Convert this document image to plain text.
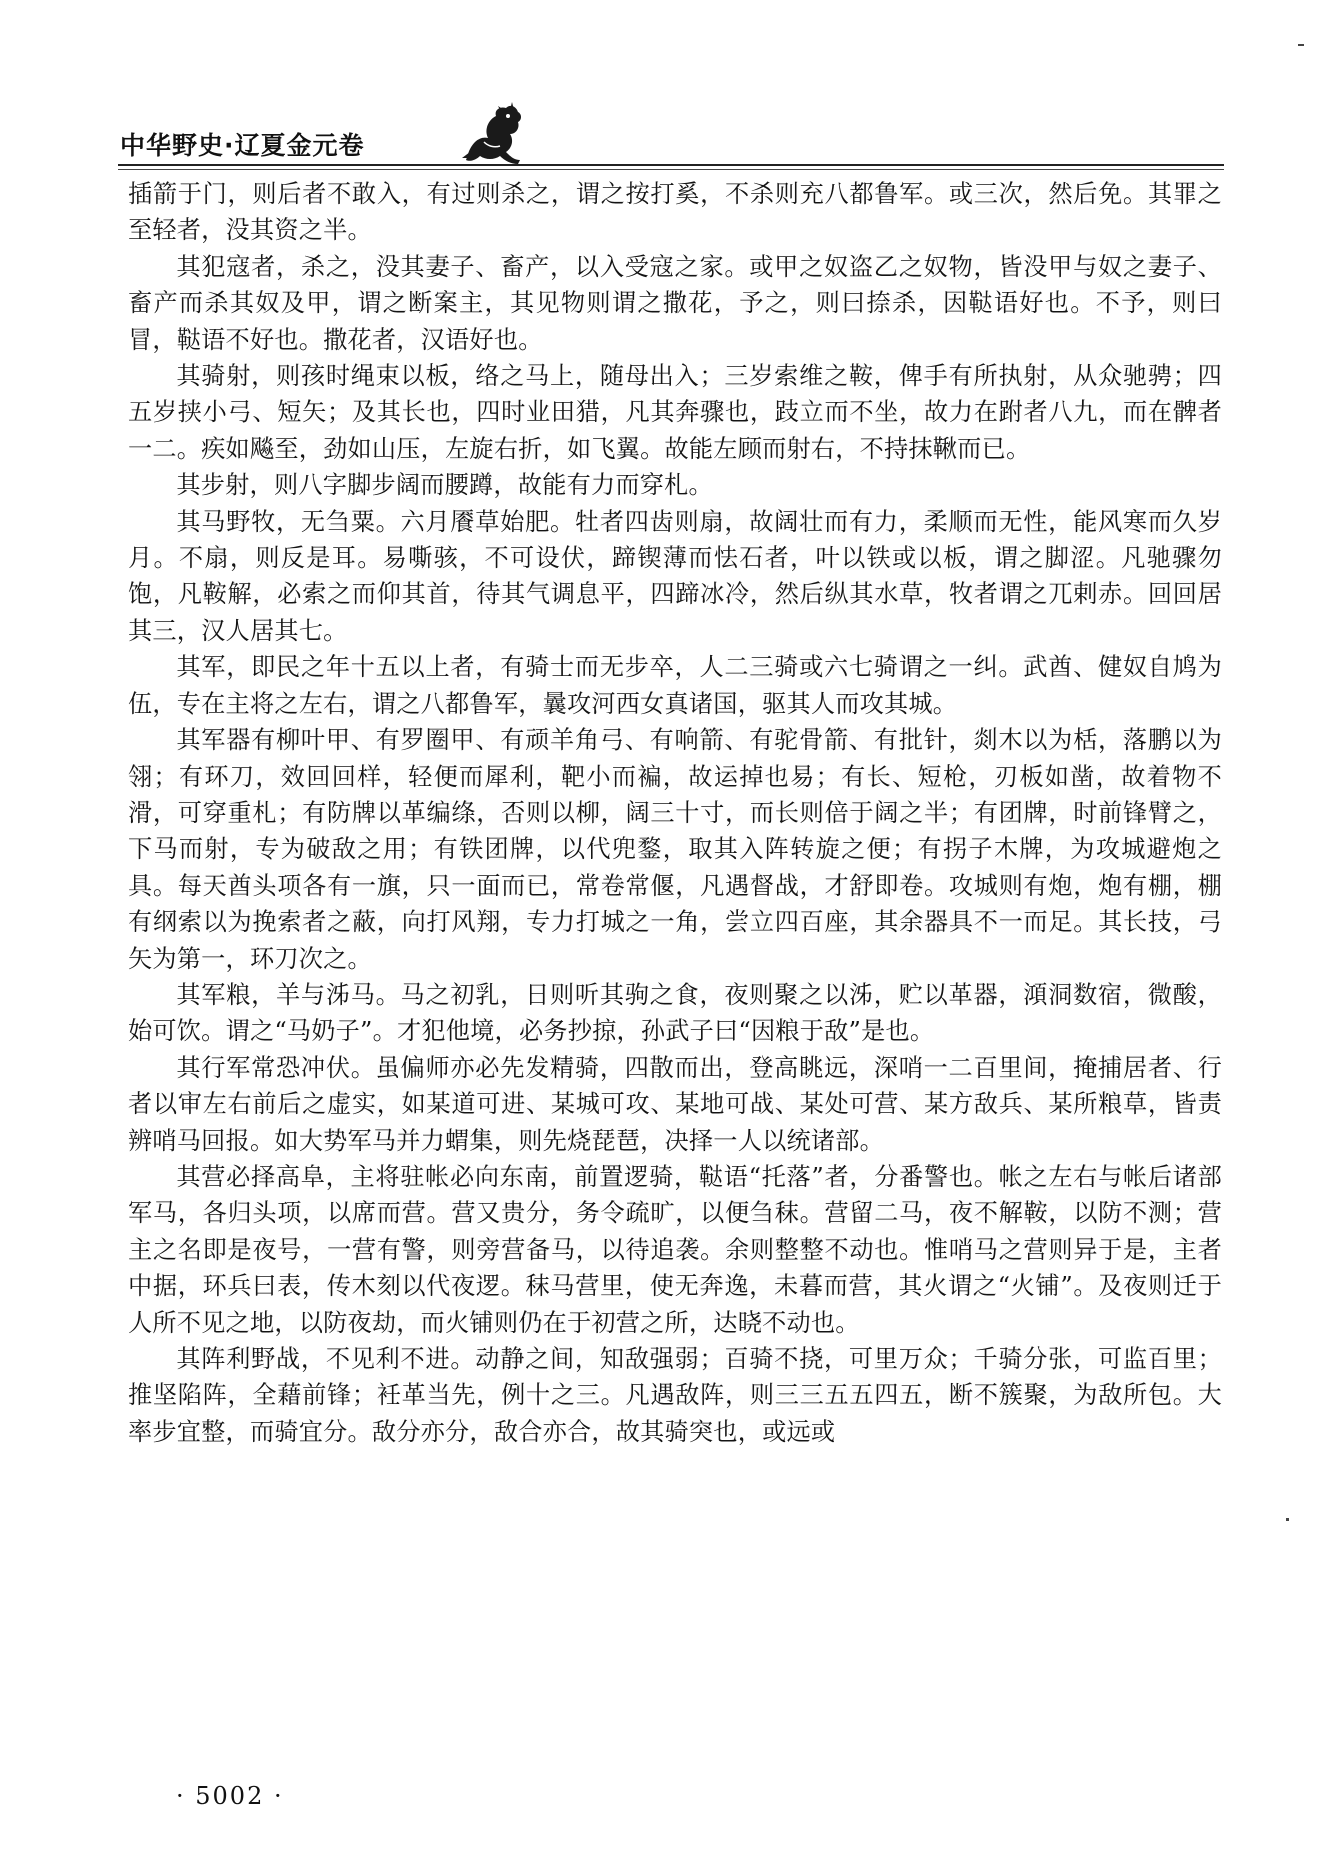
中华野史·辽夏金元卷

插箭于门，则后者不敢入，有过则杀之，谓之按打奚，不杀则充八都鲁军。或三次，然后免。其罪之至轻者，没其资之半。

其犯寇者，杀之，没其妻子、畜产，以入受寇之家。或甲之奴盗乙之奴物，皆没甲与奴之妻子、畜产而杀其奴及甲，谓之断案主，其见物则谓之撒花，予之，则曰捺杀，因鞑语好也。不予，则曰冒，鞑语不好也。撒花者，汉语好也。

其骑射，则孩时绳束以板，络之马上，随母出入；三岁索维之鞍，俾手有所执射，从众驰骋；四五岁挟小弓、短矢；及其长也，四时业田猎，凡其奔骤也，跂立而不坐，故力在跗者八九，而在髀者一二。疾如飚至，劲如山压，左旋右折，如飞翼。故能左顾而射右，不持抹鞦而已。

其步射，则八字脚步阔而腰蹲，故能有力而穿札。

其马野牧，无刍粟。六月餍草始肥。牡者四齿则扇，故阔壮而有力，柔顺而无性，能风寒而久岁月。不扇，则反是耳。易嘶骇，不可设伏，蹄锲薄而怯石者，叶以铁或以板，谓之脚涩。凡驰骤勿饱，凡鞍解，必索之而仰其首，待其气调息平，四蹄冰冷，然后纵其水草，牧者谓之兀剌赤。回回居其三，汉人居其七。

其军，即民之年十五以上者，有骑士而无步卒，人二三骑或六七骑谓之一纠。武酋、健奴自鸠为伍，专在主将之左右，谓之八都鲁军，曩攻河西女真诸国，驱其人而攻其城。

其军器有柳叶甲、有罗圈甲、有顽羊角弓、有响箭、有驼骨箭、有批针，剡木以为栝，落鹏以为翎；有环刀，效回回样，轻便而犀利，靶小而褊，故运掉也易；有长、短枪，刃板如凿，故着物不滑，可穿重札；有防牌以革编绦，否则以柳，阔三十寸，而长则倍于阔之半；有团牌，时前锋臂之，下马而射，专为破敌之用；有铁团牌，以代兜鍪，取其入阵转旋之便；有拐子木牌，为攻城避炮之具。每天酋头项各有一旗，只一面而已，常卷常偃，凡遇督战，才舒即卷。攻城则有炮，炮有棚，棚有纲索以为挽索者之蔽，向打风翔，专力打城之一角，尝立四百座，其余器具不一而足。其长技，弓矢为第一，环刀次之。

其军粮，羊与泲马。马之初乳，日则听其驹之食，夜则聚之以泲，贮以革器，澒洞数宿，微酸，始可饮。谓之“马奶子”。才犯他境，必务抄掠，孙武子曰“因粮于敌”是也。

其行军常恐冲伏。虽偏师亦必先发精骑，四散而出，登高眺远，深哨一二百里间，掩捕居者、行者以审左右前后之虚实，如某道可进、某城可攻、某地可战、某处可营、某方敌兵、某所粮草，皆责辨哨马回报。如大势军马并力蝟集，则先烧琵琶，决择一人以统诸部。

其营必择高阜，主将驻帐必向东南，前置逻骑，鞑语“托落”者，分番警也。帐之左右与帐后诸部军马，各归头项，以席而营。营又贵分，务令疏旷，以便刍秣。营留二马，夜不解鞍，以防不测；营主之名即是夜号，一营有警，则旁营备马，以待追袭。余则整整不动也。惟哨马之营则异于是，主者中据，环兵曰表，传木刻以代夜逻。秣马营里，使无奔逸，未暮而营，其火谓之“火铺”。及夜则迁于人所不见之地，以防夜劫，而火铺则仍在于初营之所，达晓不动也。

其阵利野战，不见利不进。动静之间，知敌强弱；百骑不挠，可里万众；千骑分张，可监百里；推坚陷阵，全藉前锋；衽革当先，例十之三。凡遇敌阵，则三三五五四五，断不簇聚，为敌所包。大率步宜整，而骑宜分。敌分亦分，敌合亦合，故其骑突也，或远或

· 5002 ·
